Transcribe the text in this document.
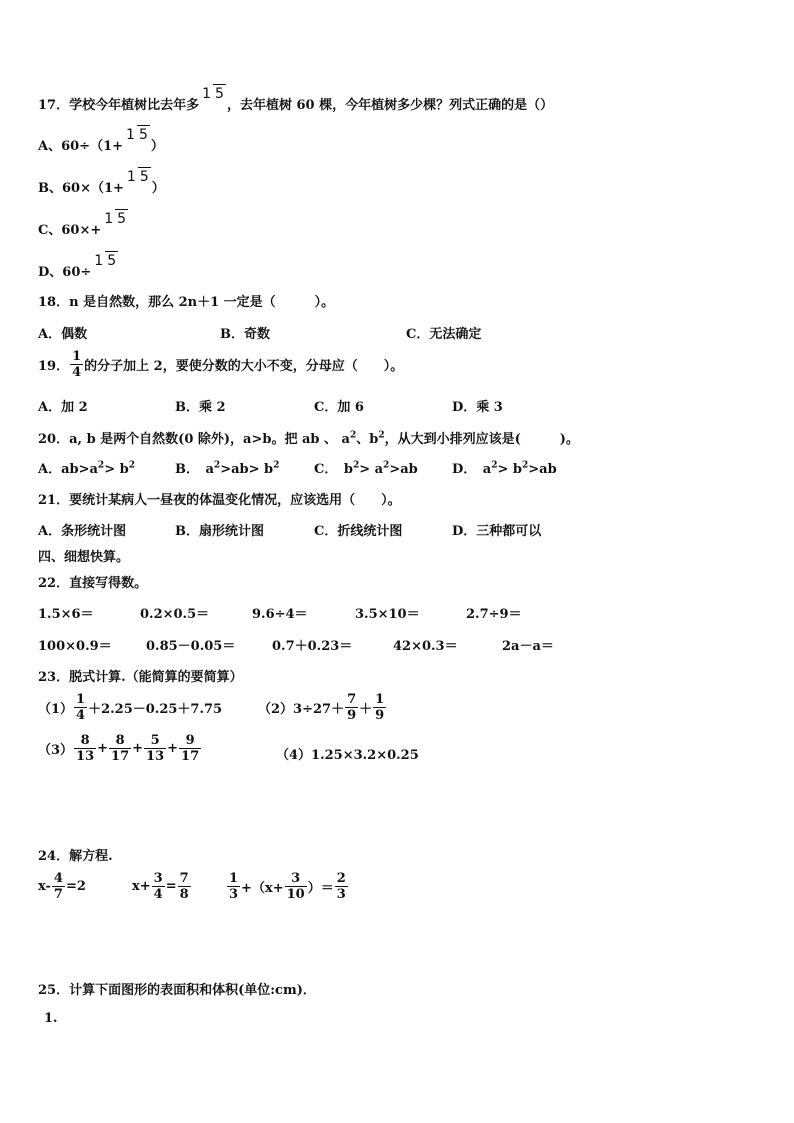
17．学校今年植树比去年多1 5，去年植树 60 棵，今年植树多少棵？列式正确的是（）
A、60÷（1+1 5）
B、60×（1+1 5）
C、60×+1 5
D、60÷1 5
18．n 是自然数，那么 2n＋1 一定是（　　　）。
A．偶数	B．奇数	C．无法确定
19． $\frac{1}{4}$ 的分子加上 2，要使分数的大小不变，分母应（　　）。
A．加 2	B．乘 2	C．加 6	D．乘 3
20．a, b 是两个自然数(0 除外)，a>b。把 ab 、 $a^2$、$b^2$，从大到小排列应该是(　　　)。
A．$ab>a^2> b^2$	B．　$a^2>ab> b^2$	C．　$b^2> a^2>ab$	D．　$a^2> b^2>ab$
21．要统计某病人一昼夜的体温变化情况，应该选用（　　）。
A．条形统计图	B．扇形统计图	C．折线统计图	D．三种都可以
四、细想快算。
22．直接写得数。
1.5×6＝	0.2×0.5＝	9.6÷4＝	3.5×10＝	2.7÷9＝
100×0.9＝	0.85－0.05＝	0.7＋0.23＝	42×0.3＝	2a－a＝
23．脱式计算.（能简算的要简算）
$(1) \frac{1}{4} +2.25-0.25+7.75$	$(2)3\div 27+ \frac{7}{9} + \frac{1}{9}$
$(3) \frac{8}{13} + \frac{8}{17} + \frac{5}{13} + \frac{9}{17}$	（4）1.25×3.2×0.25
24．解方程.
$x- \frac{4}{7} =2$	$x+ \frac{3}{4} = \frac{7}{8}$	$\frac{1}{3} +(x+ \frac{3}{10}$ ）＝ $\frac{2}{3}$
25．计算下面图形的表面积和体积(单位:cm)．
1.
